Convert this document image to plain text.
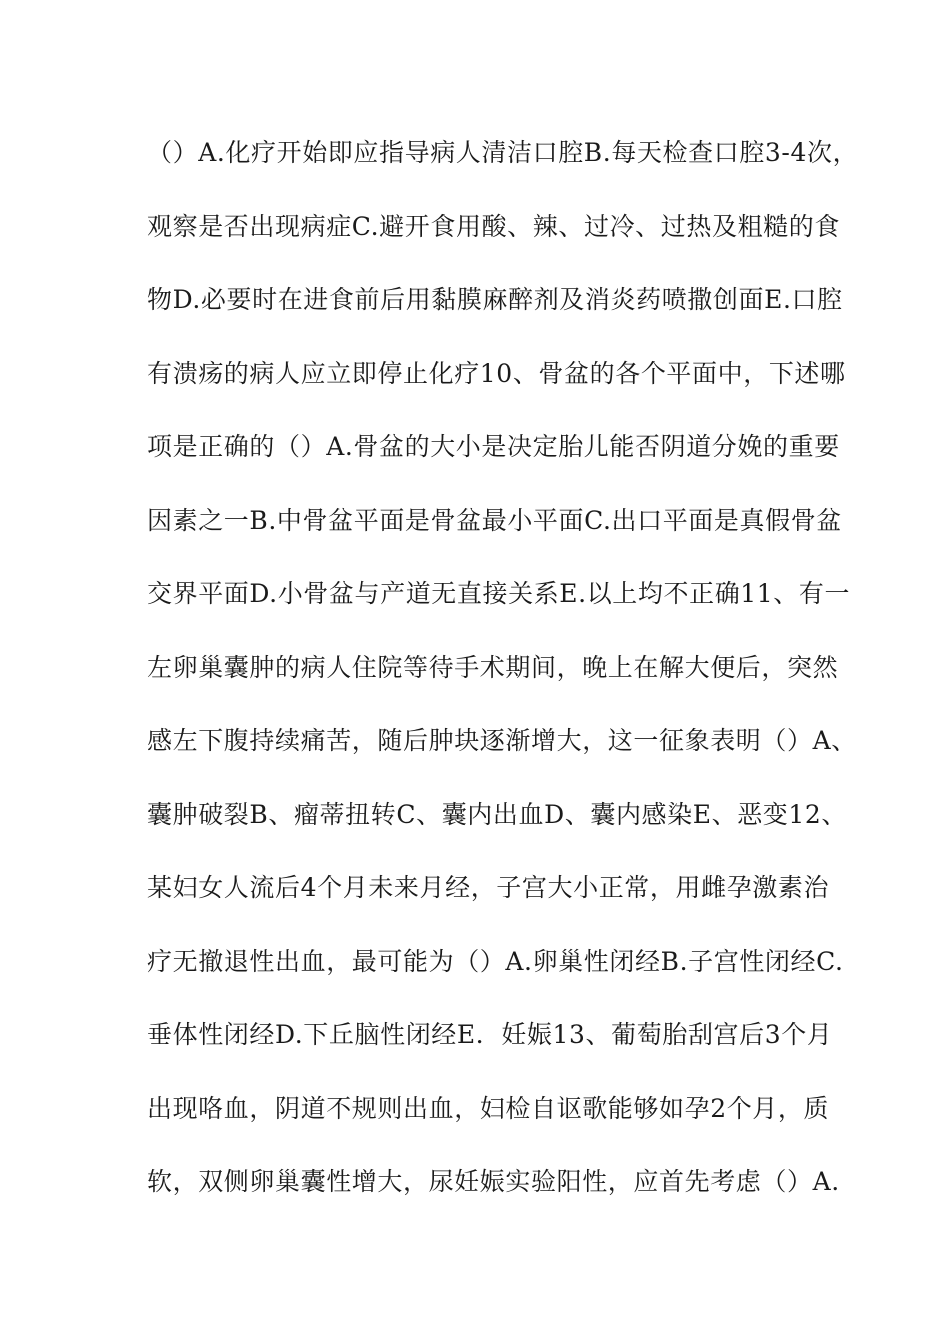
（）A.化疗开始即应指导病人清洁口腔B.每天检查口腔3-4次，
观察是否出现病症C.避开食用酸、辣、过冷、过热及粗糙的食
物D.必要时在进食前后用黏膜麻醉剂及消炎药喷撒创面E.口腔
有溃疡的病人应立即停止化疗10、骨盆的各个平面中，下述哪
项是正确的（）A.骨盆的大小是决定胎儿能否阴道分娩的重要
因素之一B.中骨盆平面是骨盆最小平面C.出口平面是真假骨盆
交界平面D.小骨盆与产道无直接关系E.以上均不正确11、有一
左卵巢囊肿的病人住院等待手术期间，晚上在解大便后，突然
感左下腹持续痛苦，随后肿块逐渐增大，这一征象表明（）A、
囊肿破裂B、瘤蒂扭转C、囊内出血D、囊内感染E、恶变12、
某妇女人流后4个月未来月经，子宫大小正常，用雌孕激素治
疗无撤退性出血，最可能为（）A.卵巢性闭经B.子宫性闭经C.
垂体性闭经D.下丘脑性闭经E．妊娠13、葡萄胎刮宫后3个月
出现咯血，阴道不规则出血，妇检自讴歌能够如孕2个月，质
软，双侧卵巢囊性增大，尿妊娠实验阳性，应首先考虑（）A.
